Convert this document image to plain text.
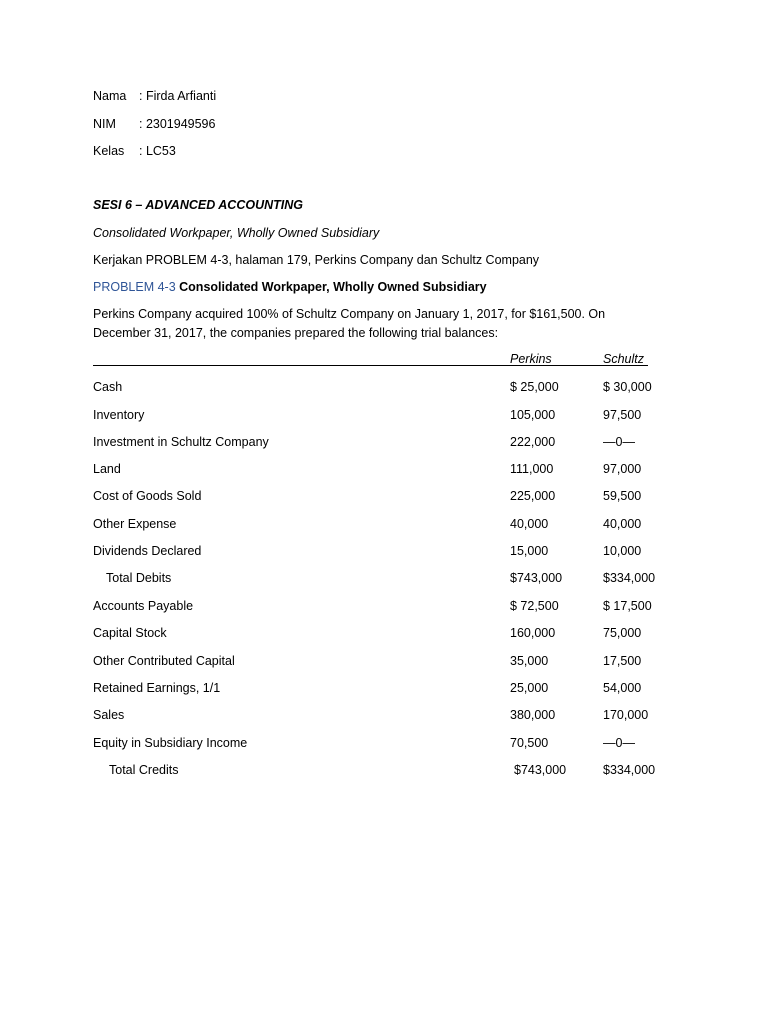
Nama : Firda Arfianti
NIM : 2301949596
Kelas : LC53
SESI 6 – ADVANCED ACCOUNTING
Consolidated Workpaper, Wholly Owned Subsidiary
Kerjakan PROBLEM 4-3, halaman 179, Perkins Company dan Schultz Company
PROBLEM 4-3 Consolidated Workpaper, Wholly Owned Subsidiary
Perkins Company acquired 100% of Schultz Company on January 1, 2017, for $161,500. On
December 31, 2017, the companies prepared the following trial balances:
Perkins	Schultz
Cash	$ 25,000	$ 30,000
Inventory	105,000	97,500
Investment in Schultz Company	222,000	—0—
Land	111,000	97,000
Cost of Goods Sold	225,000	59,500
Other Expense	40,000	40,000
Dividends Declared	15,000	10,000
Total Debits	$743,000	$334,000
Accounts Payable	$ 72,500	$ 17,500
Capital Stock	160,000	75,000
Other Contributed Capital	35,000	17,500
Retained Earnings, 1/1	25,000	54,000
Sales	380,000	170,000
Equity in Subsidiary Income	70,500	—0—
Total Credits	$743,000	$334,000
